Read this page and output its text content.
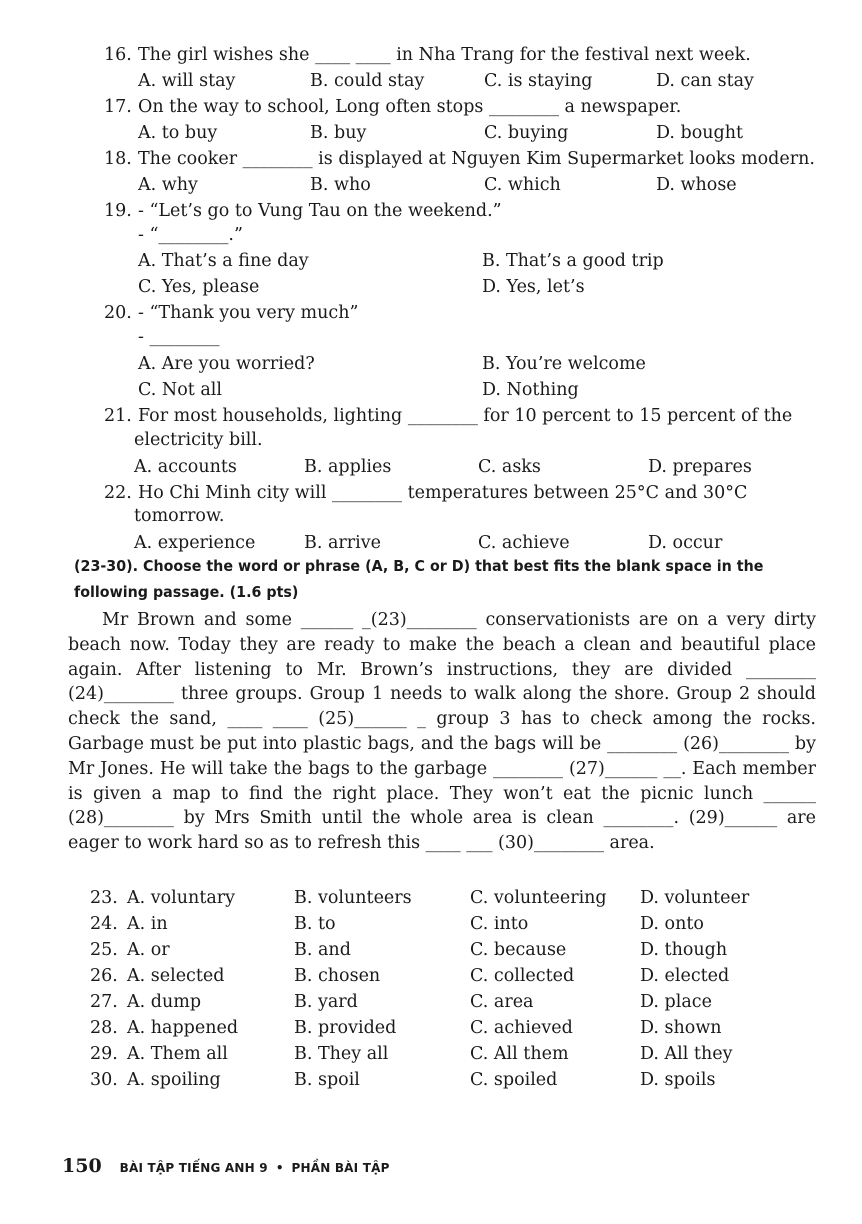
16. The girl wishes she ____ ____ in Nha Trang for the festival next week.
A. will stay	B. could stay	C. is staying	D. can stay
17. On the way to school, Long often stops ________ a newspaper.
A. to buy	B. buy	C. buying	D. bought
18. The cooker ________ is displayed at Nguyen Kim Supermarket looks modern.
A. why	B. who	C. which	D. whose
19. - “Let’s go to Vung Tau on the weekend.”
- “________.”
A. That’s a fine day	B. That’s a good trip
C. Yes, please	D. Yes, let’s
20. - “Thank you very much”
- ________
A. Are you worried?	B. You’re welcome
C. Not all	D. Nothing
21. For most households, lighting ________ for 10 percent to 15 percent of the
electricity bill.
A. accounts	B. applies	C. asks	D. prepares
22. Ho Chi Minh city will ________ temperatures between 25°C and 30°C
tomorrow.
A. experience	B. arrive	C. achieve	D. occur
(23-30). Choose the word or phrase (A, B, C or D) that best fits the blank space in the following passage. (1.6 pts)
Mr Brown and some ______ _(23)________ conservationists are on a very dirty beach now. Today they are ready to make the beach a clean and beautiful place again. After listening to Mr. Brown’s instructions, they are divided ________ (24)________ three groups. Group 1 needs to walk along the shore. Group 2 should check the sand, ____ ____ (25)______ _ group 3 has to check among the rocks. Garbage must be put into plastic bags, and the bags will be ________ (26)________ by Mr Jones. He will take the bags to the garbage ________ (27)______ __. Each member is given a map to find the right place. They won’t eat the picnic lunch ______ (28)________ by Mrs Smith until the whole area is clean ________. (29)______ are eager to work hard so as to refresh this ____ ___ (30)________ area.
23. A. voluntary	B. volunteers	C. volunteering D. volunteer
24. A. in	B. to	C. into	D. onto
25. A. or	B. and	C. because	D. though
26. A. selected	B. chosen	C. collected	D. elected
27. A. dump	B. yard	C. area	D. place
28. A. happened	B. provided	C. achieved	D. shown
29. A. Them all	B. They all	C. All them	D. All they
30. A. spoiling	B. spoil	C. spoiled	D. spoils
150 BÀI TẬP TIẾNG ANH 9 • PHẦN BÀI TẬP
